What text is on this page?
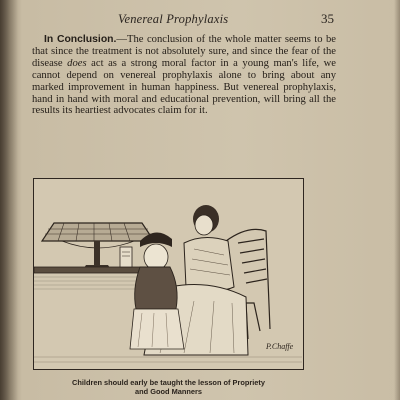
Venereal Prophylaxis	35
In Conclusion.—The conclusion of the whole matter seems to be that since the treatment is not absolutely sure, and since the fear of the disease does act as a strong moral factor in a young man's life, we cannot depend on venereal prophylaxis alone to bring about any marked improvement in human happiness. But venereal prophylaxis, hand in hand with moral and educational prevention, will bring all the results its heartiest advocates claim for it.
P.Chaffe
Children should early be taught the lesson of Propriety
and Good Manners
